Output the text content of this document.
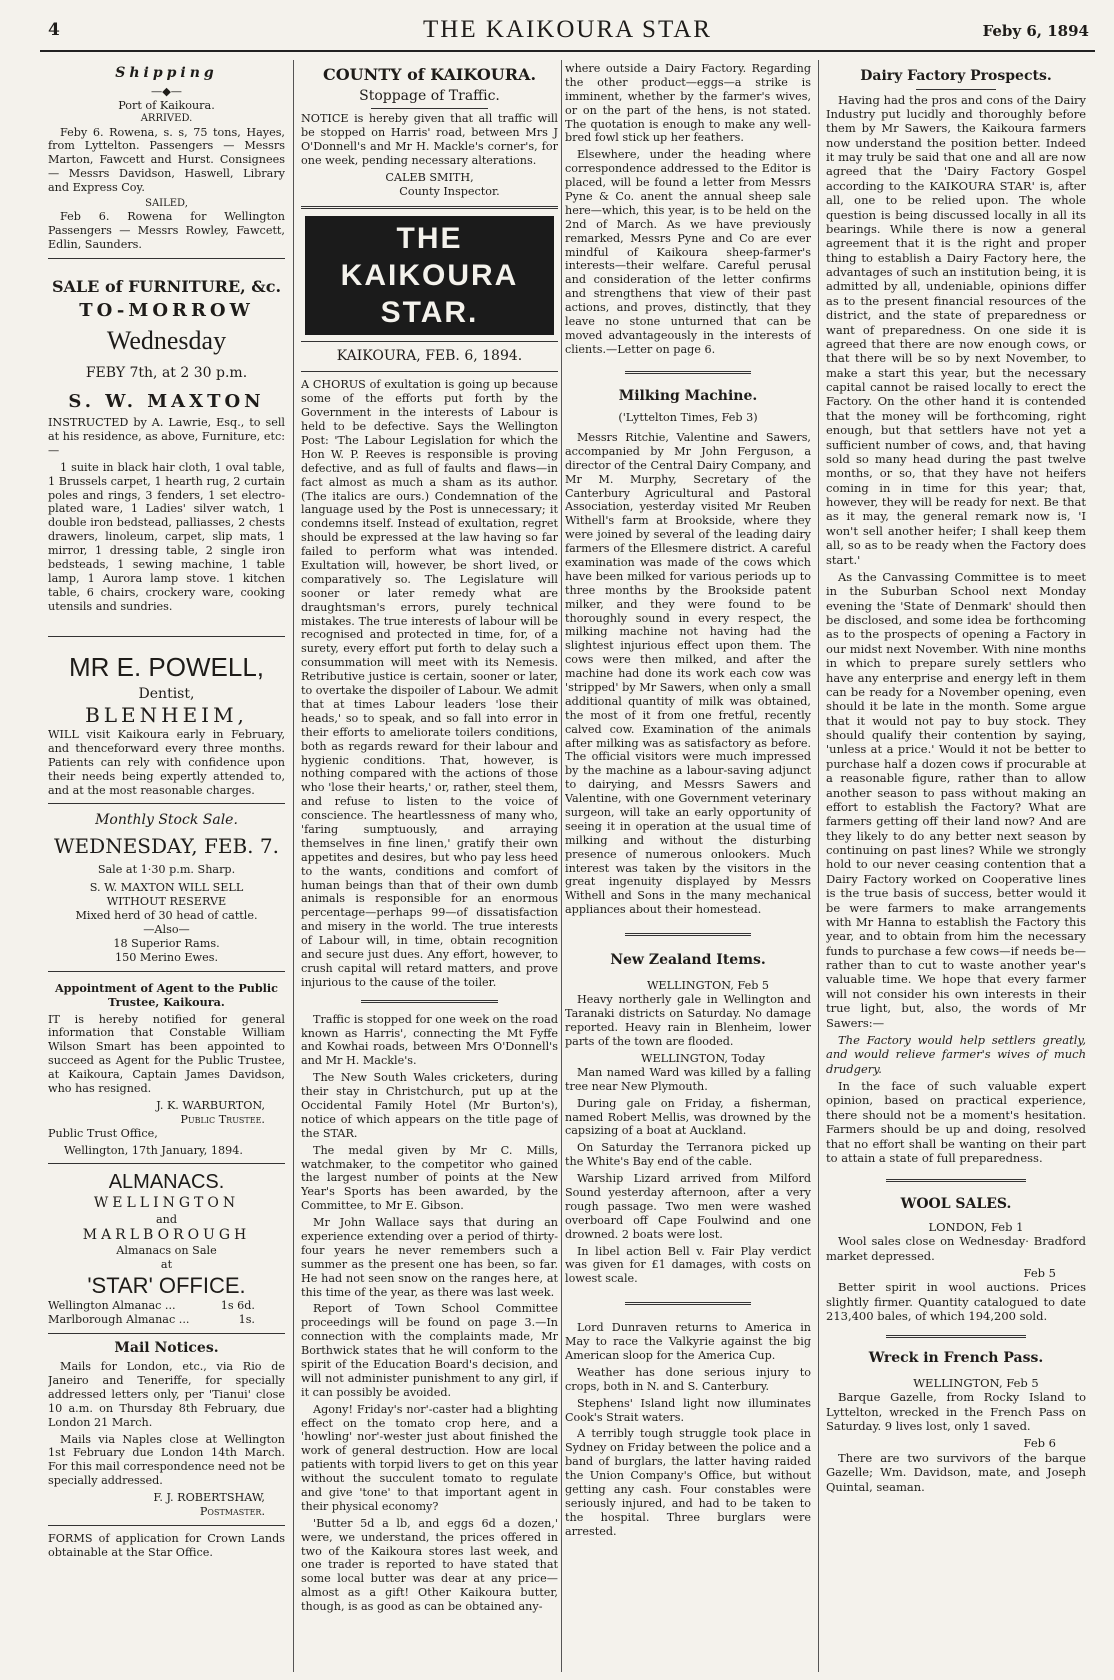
4	THE KAIKOURA STAR	Feby 6, 1894
Shipping
—◆—
Port of Kaikoura.
ARRIVED.

Feby 6. Rowena, s. s, 75 tons, Hayes, from Lyttelton. Passengers — Messrs Marton, Fawcett and Hurst. Consignees— Messrs Davidson, Haswell, Library and Express Coy.

SAILED,

Feb 6. Rowena for Wellington Passengers — Messrs Rowley, Fawcett, Edlin, Saunders.

SALE of FURNITURE, &c.
TO-MORROW
Wednesday
FEBY 7th, at 2 30 p.m.
S. W. MAXTON

INSTRUCTED by A. Lawrie, Esq., to sell at his residence, as above, Furniture, etc:—

1 suite in black hair cloth, 1 oval table, 1 Brussels carpet, 1 hearth rug, 2 curtain poles and rings, 3 fenders, 1 set electro-plated ware, 1 Ladies' silver watch, 1 double iron bedstead, palliasses, 2 chests drawers, linoleum, carpet, slip mats, 1 mirror, 1 dressing table, 2 single iron bedsteads, 1 sewing machine, 1 table lamp, 1 Aurora lamp stove. 1 kitchen table, 6 chairs, crockery ware, cooking utensils and sundries.

MR E. POWELL,
Dentist,
BLENHEIM,

WILL visit Kaikoura early in February, and thenceforward every three months. Patients can rely with confidence upon their needs being expertly attended to, and at the most reasonable charges.

Monthly Stock Sale.
WEDNESDAY, FEB. 7.
Sale at 1·30 p.m. Sharp.
S. W. MAXTON WILL SELL
WITHOUT RESERVE
Mixed herd of 30 head of cattle.
—Also—
18 Superior Rams.
150 Merino Ewes.
Appointment of Agent to the Public Trustee, Kaikoura.

IT is hereby notified for general information that Constable William Wilson Smart has been appointed to succeed as Agent for the Public Trustee, at Kaikoura, Captain James Davidson, who has resigned.

J. K. WARBURTON,

Public Trustee.

Public Trust Office,

Wellington, 17th January, 1894.

ALMANACS.
WELLINGTON
and
MARLBOROUGH
Almanacs on Sale
at
'STAR' OFFICE.
Wellington Almanac ...	1s 6d.
Marlborough Almanac ...	1s.
Mail Notices.

Mails for London, etc., via Rio de Janeiro and Teneriffe, for specially addressed letters only, per 'Tianui' close 10 a.m. on Thursday 8th February, due London 21 March.

Mails via Naples close at Wellington 1st February due London 14th March. For this mail correspondence need not be specially addressed.

F. J. ROBERTSHAW,

Postmaster.

FORMS of application for Crown Lands obtainable at the Star Office.

COUNTY of KAIKOURA.
Stoppage of Traffic.

NOTICE is hereby given that all traffic will be stopped on Harris' road, between Mrs J O'Donnell's and Mr H. Mackle's corner's, for one week, pending necessary alterations.

CALEB SMITH,
County Inspector.
THE KAIKOURA STAR.
KAIKOURA, FEB. 6, 1894.

A CHORUS of exultation is going up because some of the efforts put forth by the Government in the interests of Labour is held to be defective. Says the Wellington Post: 'The Labour Legislation for which the Hon W. P. Reeves is responsible is proving defective, and as full of faults and flaws—in fact almost as much a sham as its author. (The italics are ours.) Condemnation of the language used by the Post is unnecessary; it condemns itself. Instead of exultation, regret should be expressed at the law having so far failed to perform what was intended. Exultation will, however, be short lived, or comparatively so. The Legislature will sooner or later remedy what are draughtsman's errors, purely technical mistakes. The true interests of labour will be recognised and protected in time, for, of a surety, every effort put forth to delay such a consummation will meet with its Nemesis. Retributive justice is certain, sooner or later, to overtake the dispoiler of Labour. We admit that at times Labour leaders 'lose their heads,' so to speak, and so fall into error in their efforts to ameliorate toilers conditions, both as regards reward for their labour and hygienic conditions. That, however, is nothing compared with the actions of those who 'lose their hearts,' or, rather, steel them, and refuse to listen to the voice of conscience. The heartlessness of many who, 'faring sumptuously, and arraying themselves in fine linen,' gratify their own appetites and desires, but who pay less heed to the wants, conditions and comfort of human beings than that of their own dumb animals is responsible for an enormous percentage—perhaps 99—of dissatisfaction and misery in the world. The true interests of Labour will, in time, obtain recognition and secure just dues. Any effort, however, to crush capital will retard matters, and prove injurious to the cause of the toiler.

Traffic is stopped for one week on the road known as Harris', connecting the Mt Fyffe and Kowhai roads, between Mrs O'Donnell's and Mr H. Mackle's.

The New South Wales cricketers, during their stay in Christchurch, put up at the Occidental Family Hotel (Mr Burton's), notice of which appears on the title page of the STAR.

The medal given by Mr C. Mills, watchmaker, to the competitor who gained the largest number of points at the New Year's Sports has been awarded, by the Committee, to Mr E. Gibson.

Mr John Wallace says that during an experience extending over a period of thirty-four years he never remembers such a summer as the present one has been, so far. He had not seen snow on the ranges here, at this time of the year, as there was last week.

Report of Town School Committee proceedings will be found on page 3.—In connection with the complaints made, Mr Borthwick states that he will conform to the spirit of the Education Board's decision, and will not administer punishment to any girl, if it can possibly be avoided.

Agony! Friday's nor'-caster had a blighting effect on the tomato crop here, and a 'howling' nor'-wester just about finished the work of general destruction. How are local patients with torpid livers to get on this year without the succulent tomato to regulate and give 'tone' to that important agent in their physical economy?

'Butter 5d a lb, and eggs 6d a dozen,' were, we understand, the prices offered in two of the Kaikoura stores last week, and one trader is reported to have stated that some local butter was dear at any price—almost as a gift! Other Kaikoura butter, though, is as good as can be obtained any-

where outside a Dairy Factory. Regarding the other product—eggs—a strike is imminent, whether by the farmer's wives, or on the part of the hens, is not stated. The quotation is enough to make any well-bred fowl stick up her feathers.

Elsewhere, under the heading where correspondence addressed to the Editor is placed, will be found a letter from Messrs Pyne & Co. anent the annual sheep sale here—which, this year, is to be held on the 2nd of March. As we have previously remarked, Messrs Pyne and Co are ever mindful of Kaikoura sheep-farmer's interests—their welfare. Careful perusal and consideration of the letter confirms and strengthens that view of their past actions, and proves, distinctly, that they leave no stone unturned that can be moved advantageously in the interests of clients.—Letter on page 6.

Milking Machine.
('Lyttelton Times, Feb 3)

Messrs Ritchie, Valentine and Sawers, accompanied by Mr John Ferguson, a director of the Central Dairy Company, and Mr M. Murphy, Secretary of the Canterbury Agricultural and Pastoral Association, yesterday visited Mr Reuben Withell's farm at Brookside, where they were joined by several of the leading dairy farmers of the Ellesmere district. A careful examination was made of the cows which have been milked for various periods up to three months by the Brookside patent milker, and they were found to be thoroughly sound in every respect, the milking machine not having had the slightest injurious effect upon them. The cows were then milked, and after the machine had done its work each cow was 'stripped' by Mr Sawers, when only a small additional quantity of milk was obtained, the most of it from one fretful, recently calved cow. Examination of the animals after milking was as satisfactory as before. The official visitors were much impressed by the machine as a labour-saving adjunct to dairying, and Messrs Sawers and Valentine, with one Government veterinary surgeon, will take an early opportunity of seeing it in operation at the usual time of milking and without the disturbing presence of numerous onlookers. Much interest was taken by the visitors in the great ingenuity displayed by Messrs Withell and Sons in the many mechanical appliances about their homestead.

New Zealand Items.
WELLINGTON, Feb 5

Heavy northerly gale in Wellington and Taranaki districts on Saturday. No damage reported. Heavy rain in Blenheim, lower parts of the town are flooded.

WELLINGTON, Today

Man named Ward was killed by a falling tree near New Plymouth.

During gale on Friday, a fisherman, named Robert Mellis, was drowned by the capsizing of a boat at Auckland.

On Saturday the Terranora picked up the White's Bay end of the cable.

Warship Lizard arrived from Milford Sound yesterday afternoon, after a very rough passage. Two men were washed overboard off Cape Foulwind and one drowned. 2 boats were lost.

In libel action Bell v. Fair Play verdict was given for £1 damages, with costs on lowest scale.

Lord Dunraven returns to America in May to race the Valkyrie against the big American sloop for the America Cup.

Weather has done serious injury to crops, both in N. and S. Canterbury.

Stephens' Island light now illuminates Cook's Strait waters.

A terribly tough struggle took place in Sydney on Friday between the police and a band of burglars, the latter having raided the Union Company's Office, but without getting any cash. Four constables were seriously injured, and had to be taken to the hospital. Three burglars were arrested.

Dairy Factory Prospects.

Having had the pros and cons of the Dairy Industry put lucidly and thoroughly before them by Mr Sawers, the Kaikoura farmers now understand the position better. Indeed it may truly be said that one and all are now agreed that the 'Dairy Factory Gospel according to the KAIKOURA STAR' is, after all, one to be relied upon. The whole question is being discussed locally in all its bearings. While there is now a general agreement that it is the right and proper thing to establish a Dairy Factory here, the advantages of such an institution being, it is admitted by all, undeniable, opinions differ as to the present financial resources of the district, and the state of preparedness or want of preparedness. On one side it is agreed that there are now enough cows, or that there will be so by next November, to make a start this year, but the necessary capital cannot be raised locally to erect the Factory. On the other hand it is contended that the money will be forthcoming, right enough, but that settlers have not yet a sufficient number of cows, and, that having sold so many head during the past twelve months, or so, that they have not heifers coming in in time for this year; that, however, they will be ready for next. Be that as it may, the general remark now is, 'I won't sell another heifer; I shall keep them all, so as to be ready when the Factory does start.'

As the Canvassing Committee is to meet in the Suburban School next Monday evening the 'State of Denmark' should then be disclosed, and some idea be forthcoming as to the prospects of opening a Factory in our midst next November. With nine months in which to prepare surely settlers who have any enterprise and energy left in them can be ready for a November opening, even should it be late in the month. Some argue that it would not pay to buy stock. They should qualify their contention by saying, 'unless at a price.' Would it not be better to purchase half a dozen cows if procurable at a reasonable figure, rather than to allow another season to pass without making an effort to establish the Factory? What are farmers getting off their land now? And are they likely to do any better next season by continuing on past lines? While we strongly hold to our never ceasing contention that a Dairy Factory worked on Cooperative lines is the true basis of success, better would it be were farmers to make arrangements with Mr Hanna to establish the Factory this year, and to obtain from him the necessary funds to purchase a few cows—if needs be—rather than to cut to waste another year's valuable time. We hope that every farmer will not consider his own interests in their true light, but, also, the words of Mr Sawers:—

The Factory would help settlers greatly, and would relieve farmer's wives of much drudgery.

In the face of such valuable expert opinion, based on practical experience, there should not be a moment's hesitation. Farmers should be up and doing, resolved that no effort shall be wanting on their part to attain a state of full preparedness.

WOOL SALES.
LONDON, Feb 1

Wool sales close on Wednesday· Bradford market depressed.

Feb 5

Better spirit in wool auctions. Prices slightly firmer. Quantity catalogued to date 213,400 bales, of which 194,200 sold.

Wreck in French Pass.
WELLINGTON, Feb 5

Barque Gazelle, from Rocky Island to Lyttelton, wrecked in the French Pass on Saturday. 9 lives lost, only 1 saved.

Feb 6

There are two survivors of the barque Gazelle; Wm. Davidson, mate, and Joseph Quintal, seaman.
